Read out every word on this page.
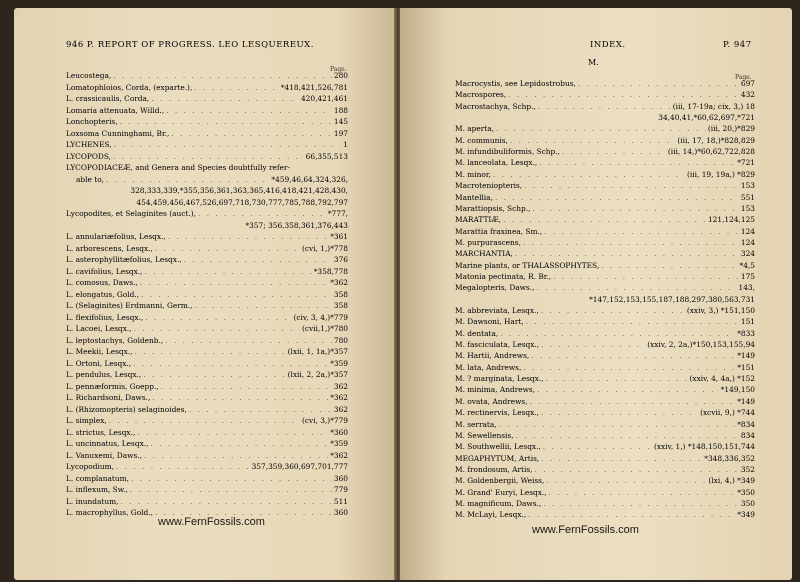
946 P. REPORT OF PROGRESS. LEO LESQUEREUX.
Page.
Leucostega, . . .	280
Lomatophloios, Corda, (exparte.), . . .	*418,421,526,781
L. crassicaulis, Corda, . . .	420,421,461
Lomaria attenuata, Willd., . . .	188
Lonchopteris, . . .	145
Loxsoma Cunninghami, Br., . . .	197
LYCHENES, . . .	1
LYCOPODS, . . .	66,355,513
LYCOPODIACEÆ, and Genera and Species doubtfully refer-
able to, . . .	*459,46,64,324,326,
328,333,339,*355,356,361,363,365,416,418,421,428,430,
454,459,456,467,526,697,718,730,777,785,788,792,797
Lycopodites, et Selaginites (auct.), . . .	*777,
*357; 356,358,361,376,443
L. annulariæfolius, Lesqx., . . .	*361
L. arborescens, Lesqx., . . .	(cvi, 1,)*778
L. asterophyllitæfolius, Lesqx., . . .	376
L. cavifolius, Lesqx., . . .	*358,778
L. comosus, Daws., . . .	*362
L. elongatus, Gold., . . .	358
L. (Selaginites) Erdmanni, Germ., . . .	358
L. flexifolius, Lesqx., . . .	(civ, 3, 4,)*779
L. Lacoei, Lesqx., . . .	(cvii,1,)*780
L. leptostachys, Goldenb., . . .	780
L. Meekii, Lesqx., . . .	(lxii, 1, 1a,)*357
L. Ortoni, Lesqx., . . .	*359
L. pendulus, Lesqx., . . .	(lxii, 2, 2a,)*357
L. pennæformis, Goepp., . . .	362
L. Richardsoni, Daws., . . .	*362
L. (Rhizomopteris) selaginoides, . . .	362
L. simplex, . . .	(cvi, 3,)*779
L. strictus, Lesqx., . . .	*360
L. uncinnatus, Lesqx., . . .	*359
L. Vanuxemi, Daws., . . .	*362
Lycopodium, . . .	357,359,360,697,701,777
L. complanatum, . . .	360
L. inflexum, Sw., . . .	779
L. inundatum, . . .	511
L. macrophyllus, Gold., . . .	360
www.FernFossils.com
INDEX.	P. 947
M.
Page.
Macrocystis, see Lepidostrobus, . . .	697
Macrospores, . . .	432
Macrostachya, Schp., . . .	(iii, 17-19a; cix, 3,) 18
34,40,41,*60,62,697,*721
M. aperta, . . .	(iii, 20,)*829
M. communis, . . .	(iii, 17, 18,)*828,829
M. infundibuliformis, Schp., . . .	(iii, 14,)*60,62,722,828
M. lanceolata, Lesqx., . . .	*721
M. minor, . . .	(iii, 19, 19a,) *829
Macroteniopteris, . . .	153
Mantellia, . . .	551
Marattiopsis, Schp., . . .	153
MARATTIÆ, . . .	121,124,125
Marattia fraxinea, Sm., . . .	124
M. purpurascens, . . .	124
MARCHANTIA, . . .	324
Marine plants, or THALASSOPHYTES, . . .	*4,5
Matonia pectinata, R. Br., . . .	175
Megalopteris, Daws., . . .	143,
*147,152,153,155,187,188,297,380,563,731
M. abbreviata, Lesqx., . . .	(xxiv, 3,) *151,150
M. Dawsoni, Hart, . . .	151
M. dentata, . . .	*833
M. fasciculata, Lesqx., . . .	(xxiv, 2, 2a,)*150,153,155,94
M. Hartii, Andrews, . . .	*149
M. lata, Andrews, . . .	*151
M. ? marginata, Lesqx., . . .	(xxiv, 4, 4a,) *152
M. minima, Andrews, . . .	*149,150
M. ovata, Andrews, . . .	*149
M. rectinervis, Lesqx., . . .	(xcvii, 9,) *744
M. serrata, . . .	*834
M. Sewellensis, . . .	834
M. Southwellii, Lesqx., . . .	(xxiv, 1,) *148,150,151,744
MEGAPHYTUM, Artis, . . .	*348,336,352
M. frondosum, Artis, . . .	352
M. Goldenbergii, Weiss, . . .	(lxi, 4,) *349
M. Grand' Euryi, Lesqx., . . .	*350
M. magnificum, Daws., . . .	350
M. McLayi, Lesqx., . . .	*349
www.FernFossils.com
